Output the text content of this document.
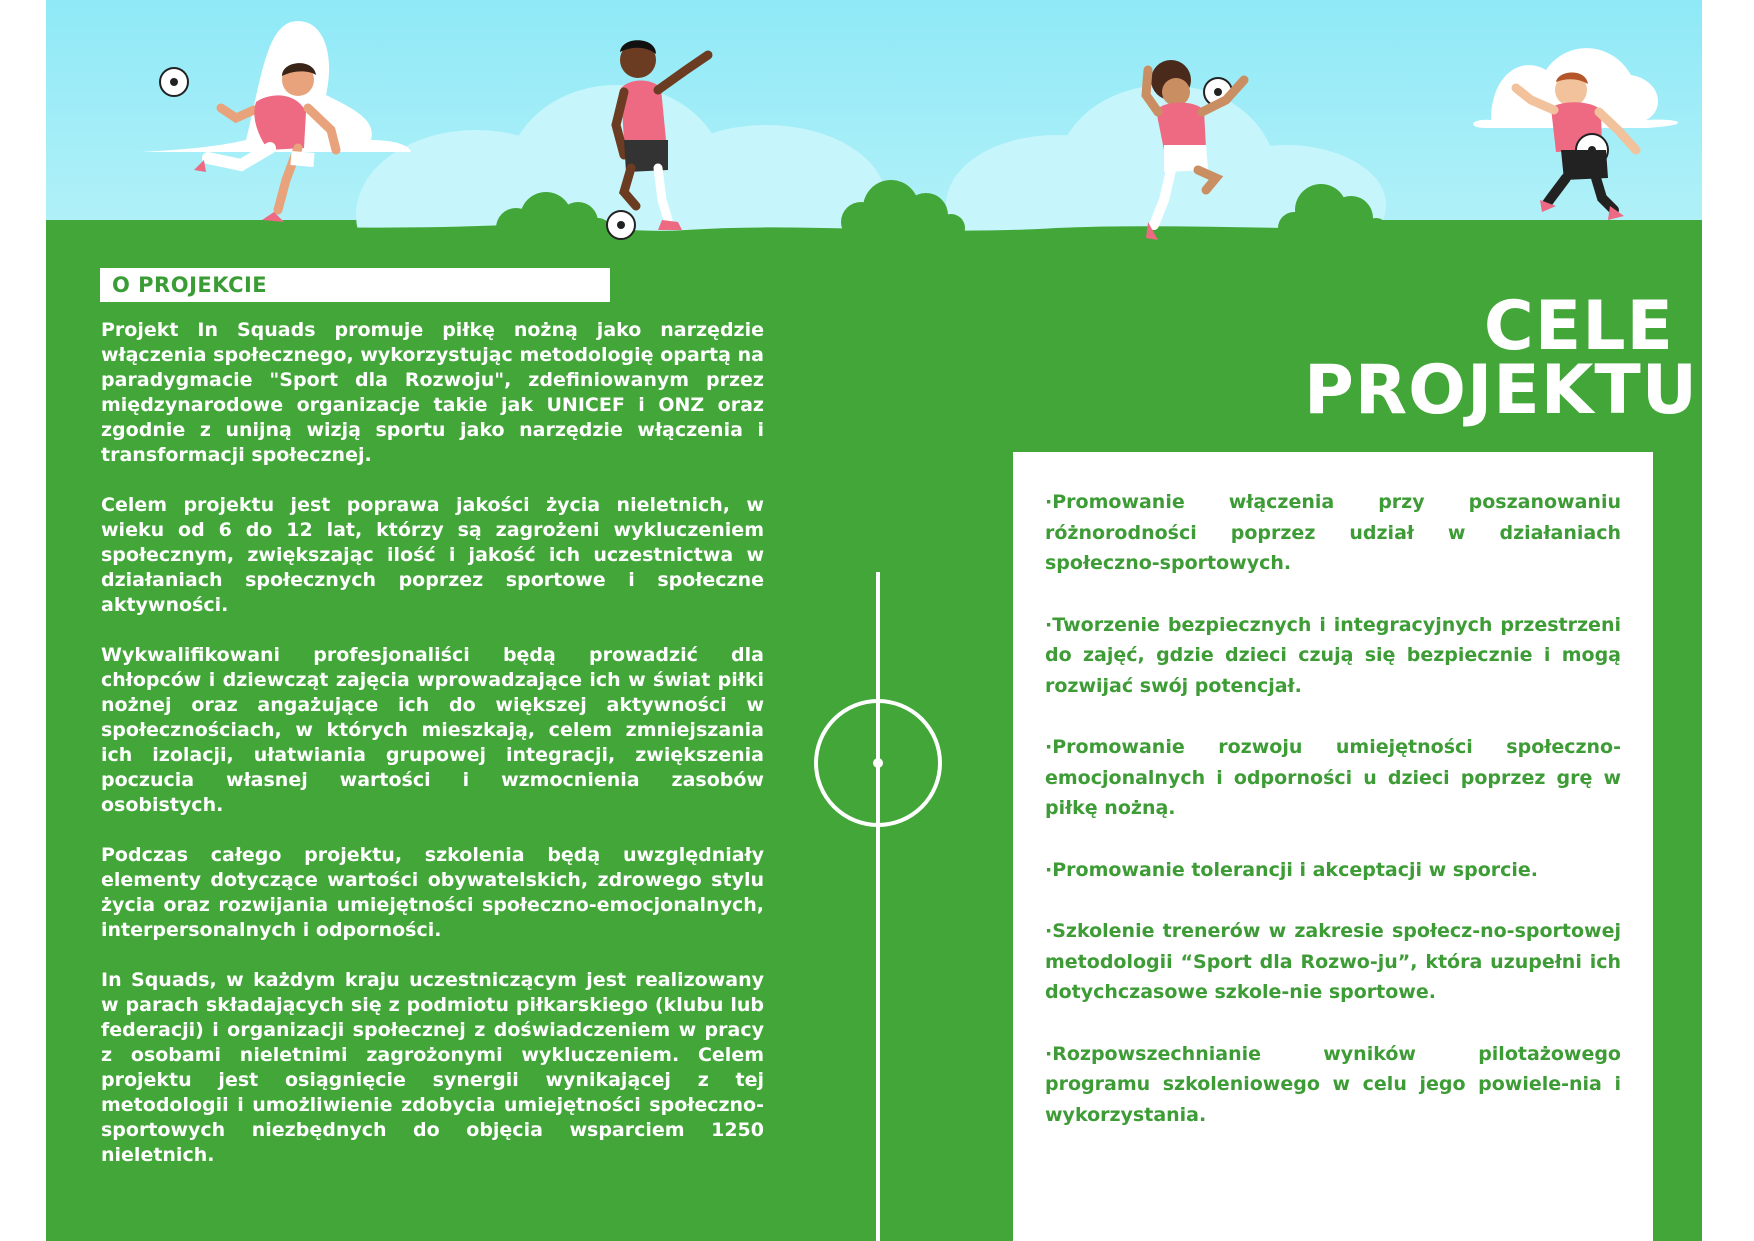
O PROJEKCIE

Projekt In Squads promuje piłkę nożną jako narzędzie włączenia społecznego, wykorzystując metodologię opartą na paradygmacie "Sport dla Rozwoju", zdefiniowanym przez międzynarodowe organizacje takie jak UNICEF i ONZ oraz zgodnie z unijną wizją sportu jako narzędzie włączenia i transformacji społecznej.

Celem projektu jest poprawa jakości życia nieletnich, w wieku od 6 do 12 lat, którzy są zagrożeni wykluczeniem społecznym, zwiększając ilość i jakość ich uczestnictwa w działaniach społecznych poprzez sportowe i społeczne aktywności.

Wykwalifikowani profesjonaliści będą prowadzić dla chłopców i dziewcząt zajęcia wprowadzające ich w świat piłki nożnej oraz angażujące ich do większej aktywności w społecznościach, w których mieszkają, celem zmniejszania ich izolacji, ułatwiania grupowej integracji, zwiększenia poczucia własnej wartości i wzmocnienia zasobów osobistych.

Podczas całego projektu, szkolenia będą uwzględniały elementy dotyczące wartości obywatelskich, zdrowego stylu życia oraz rozwijania umiejętności społeczno-emocjonalnych, interpersonalnych i odporności.

In Squads, w każdym kraju uczestniczącym jest realizowany w parach składających się z podmiotu piłkarskiego (klubu lub federacji) i organizacji społecznej z doświadczeniem w pracy z osobami nieletnimi zagrożonymi wykluczeniem. Celem projektu jest osiągnięcie synergii wynikającej z tej metodologii i umożliwienie zdobycia umiejętności społeczno-sportowych niezbędnych do objęcia wsparciem 1250 nieletnich.

CELE
PROJEKTU
·Promowanie włączenia przy poszanowaniu różnorodności poprzez udział w działaniach społeczno-sportowych.
·Tworzenie bezpiecznych i integracyjnych przestrzeni do zajęć, gdzie dzieci czują się bezpiecznie i mogą rozwijać swój potencjał.
·Promowanie rozwoju umiejętności społeczno-emocjonalnych i odporności u dzieci poprzez grę w piłkę nożną.
·Promowanie tolerancji i akceptacji w sporcie.
·Szkolenie trenerów w zakresie społecz-no-sportowej metodologii “Sport dla Rozwo-ju”, która uzupełni ich dotychczasowe szkole-nie sportowe.
·Rozpowszechnianie wyników pilotażowego programu szkoleniowego w celu jego powiele-nia i wykorzystania.
